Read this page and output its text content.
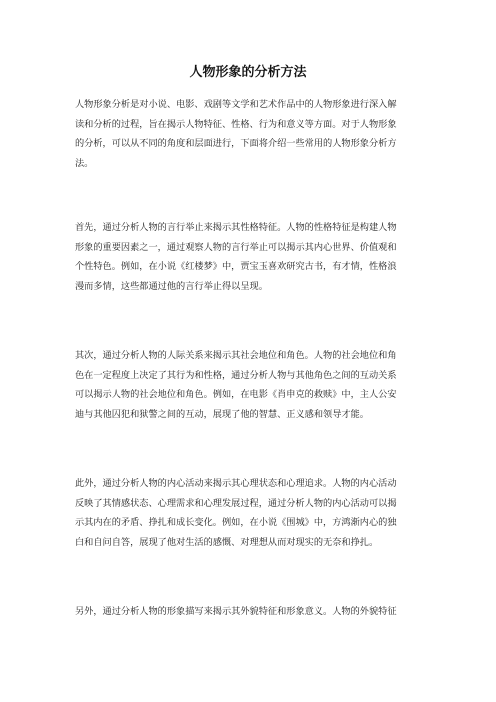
人物形象的分析方法
人物形象分析是对小说、电影、戏剧等文学和艺术作品中的人物形象进行深入解
读和分析的过程，旨在揭示人物特征、性格、行为和意义等方面。对于人物形象
的分析，可以从不同的角度和层面进行，下面将介绍一些常用的人物形象分析方
法。
首先，通过分析人物的言行举止来揭示其性格特征。人物的性格特征是构建人物
形象的重要因素之一，通过观察人物的言行举止可以揭示其内心世界、价值观和
个性特色。例如，在小说《红楼梦》中，贾宝玉喜欢研究古书，有才情，性格浪
漫而多情，这些都通过他的言行举止得以呈现。
其次，通过分析人物的人际关系来揭示其社会地位和角色。人物的社会地位和角
色在一定程度上决定了其行为和性格，通过分析人物与其他角色之间的互动关系
可以揭示人物的社会地位和角色。例如，在电影《肖申克的救赎》中，主人公安
迪与其他囚犯和狱警之间的互动，展现了他的智慧、正义感和领导才能。
此外，通过分析人物的内心活动来揭示其心理状态和心理追求。人物的内心活动
反映了其情感状态、心理需求和心理发展过程，通过分析人物的内心活动可以揭
示其内在的矛盾、挣扎和成长变化。例如，在小说《围城》中，方鸿渐内心的独
白和自问自答，展现了他对生活的感慨、对理想从而对现实的无奈和挣扎。
另外，通过分析人物的形象描写来揭示其外貌特征和形象意义。人物的外貌特征
